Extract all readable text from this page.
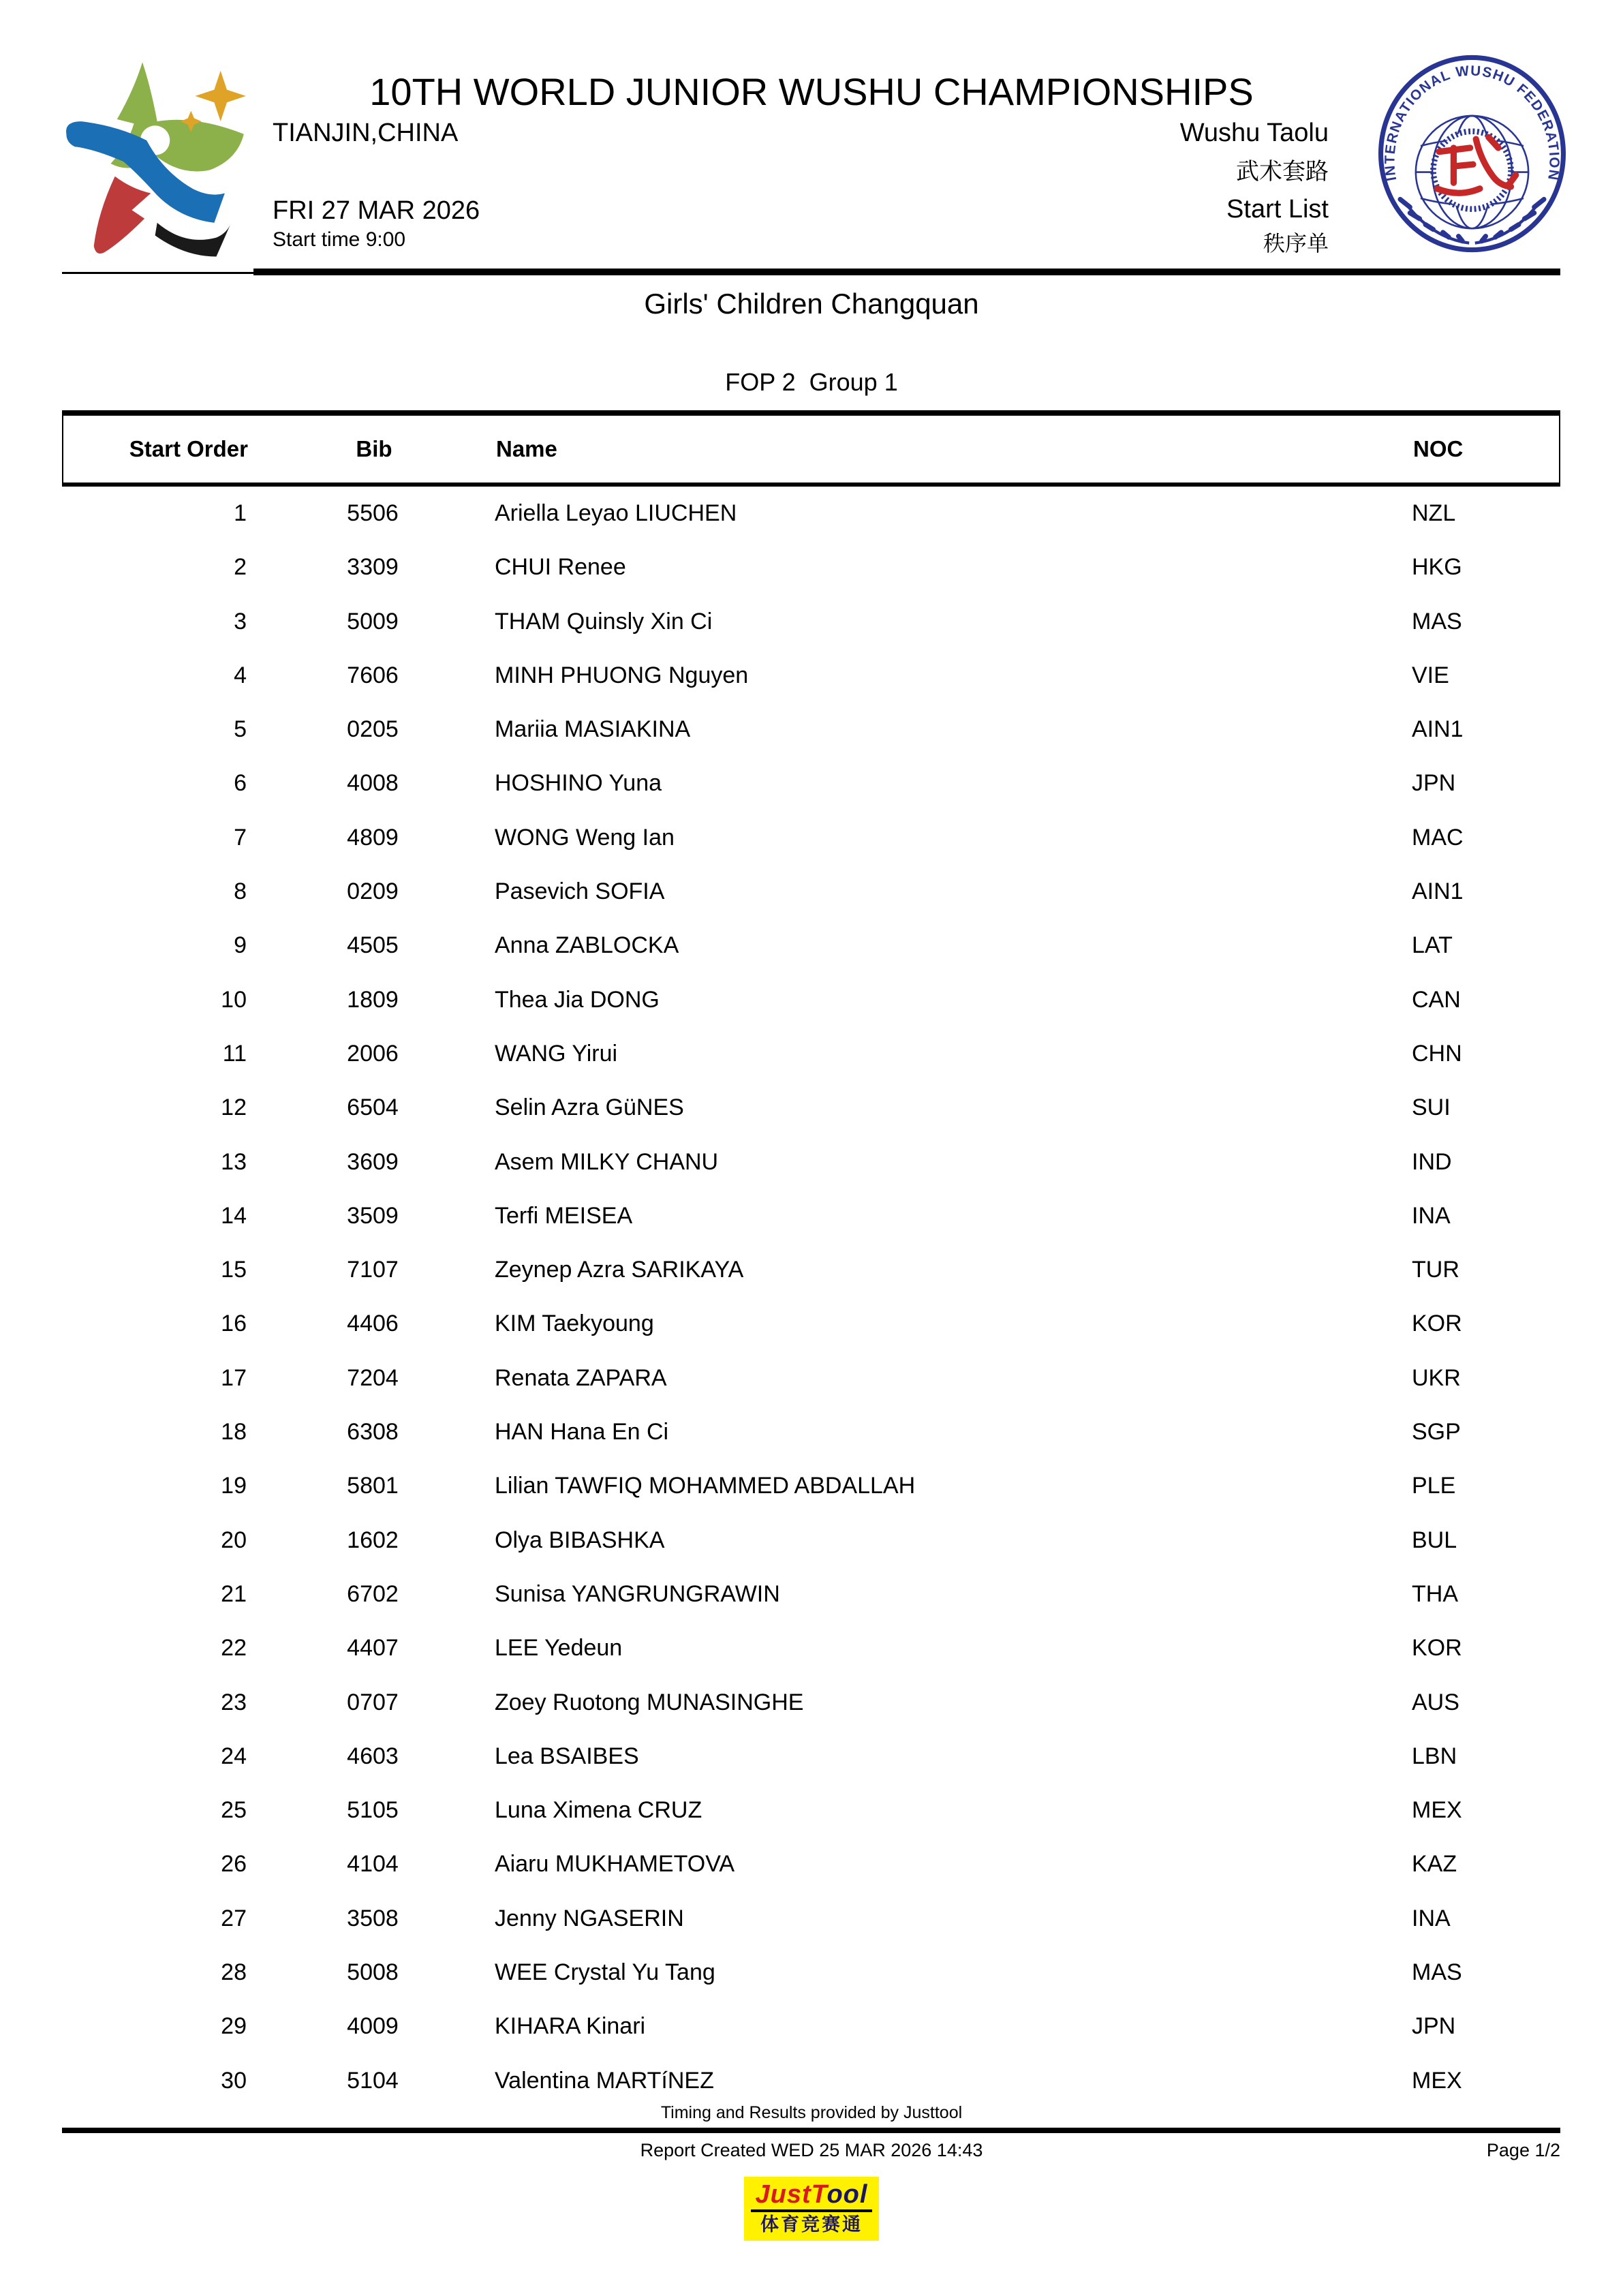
10TH WORLD JUNIOR WUSHU CHAMPIONSHIPS
TIANJIN,CHINA
FRI 27 MAR 2026
Start time 9:00
Wushu Taolu
武术套路
Start List
秩序单
INTERNATIONAL WUSHU FEDERATION
Girls' Children Changquan
FOP 2  Group 1
Start Order	Bib	Name	NOC
1	5506	Ariella Leyao LIUCHEN	NZL
2	3309	CHUI Renee	HKG
3	5009	THAM Quinsly Xin Ci	MAS
4	7606	MINH PHUONG Nguyen	VIE
5	0205	Mariia MASIAKINA	AIN1
6	4008	HOSHINO Yuna	JPN
7	4809	WONG Weng Ian	MAC
8	0209	Pasevich SOFIA	AIN1
9	4505	Anna ZABLOCKA	LAT
10	1809	Thea Jia DONG	CAN
11	2006	WANG Yirui	CHN
12	6504	Selin Azra GüNES	SUI
13	3609	Asem MILKY CHANU	IND
14	3509	Terfi MEISEA	INA
15	7107	Zeynep Azra SARIKAYA	TUR
16	4406	KIM Taekyoung	KOR
17	7204	Renata ZAPARA	UKR
18	6308	HAN Hana En Ci	SGP
19	5801	Lilian TAWFIQ MOHAMMED ABDALLAH	PLE
20	1602	Olya BIBASHKA	BUL
21	6702	Sunisa YANGRUNGRAWIN	THA
22	4407	LEE Yedeun	KOR
23	0707	Zoey Ruotong MUNASINGHE	AUS
24	4603	Lea BSAIBES	LBN
25	5105	Luna Ximena CRUZ	MEX
26	4104	Aiaru MUKHAMETOVA	KAZ
27	3508	Jenny NGASERIN	INA
28	5008	WEE Crystal Yu Tang	MAS
29	4009	KIHARA Kinari	JPN
30	5104	Valentina MARTíNEZ	MEX
Timing and Results provided by Justtool
Report Created WED 25 MAR 2026 14:43	Page 1/2
JustTool
体育竞赛通
